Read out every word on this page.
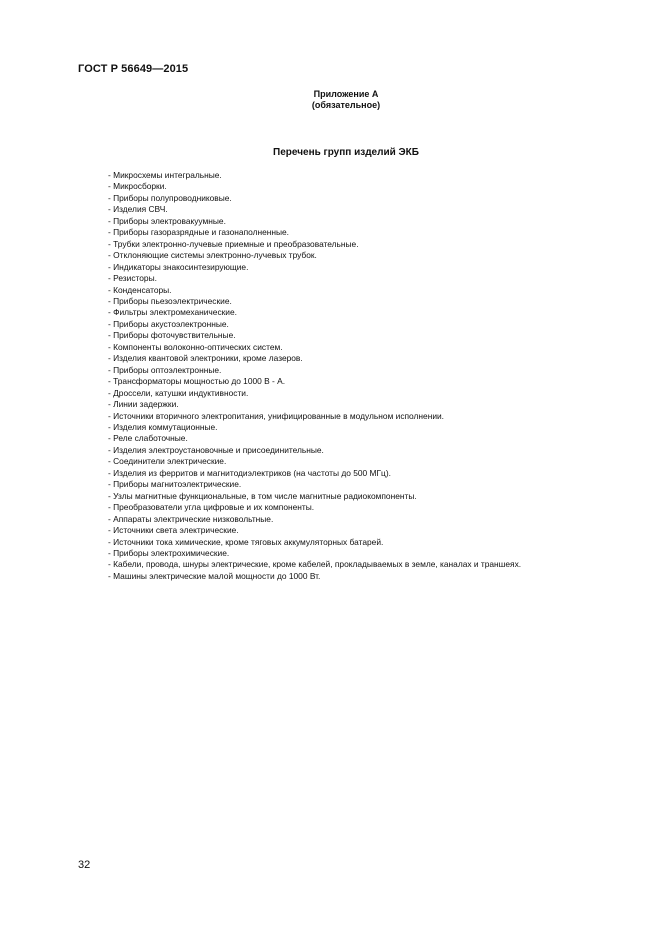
ГОСТ Р 56649—2015
Приложение А
(обязательное)
Перечень групп изделий ЭКБ
- Микросхемы интегральные.
- Микросборки.
- Приборы полупроводниковые.
- Изделия СВЧ.
- Приборы электровакуумные.
- Приборы газоразрядные и газонаполненные.
- Трубки электронно-лучевые приемные и преобразовательные.
- Отклоняющие системы электронно-лучевых трубок.
- Индикаторы знакосинтезирующие.
- Резисторы.
- Конденсаторы.
- Приборы пьезоэлектрические.
- Фильтры электромеханические.
- Приборы акустоэлектронные.
- Приборы фоточувствительные.
- Компоненты волоконно-оптических систем.
- Изделия квантовой электроники, кроме лазеров.
- Приборы оптоэлектронные.
- Трансформаторы мощностью до 1000 В - А.
- Дроссели, катушки индуктивности.
- Линии задержки.
- Источники вторичного электропитания, унифицированные в модульном исполнении.
- Изделия коммутационные.
- Реле слаботочные.
- Изделия электроустановочные и присоединительные.
- Соединители электрические.
- Изделия из ферритов и магнитодиэлектриков (на частоты до 500 МГц).
- Приборы магнитоэлектрические.
- Узлы магнитные функциональные, в том числе магнитные радиокомпоненты.
- Преобразователи угла цифровые и их компоненты.
- Аппараты электрические низковольтные.
- Источники света электрические.
- Источники тока химические, кроме тяговых аккумуляторных батарей.
- Приборы электрохимические.
- Кабели, провода, шнуры электрические, кроме кабелей, прокладываемых в земле, каналах и траншеях.
- Машины электрические малой мощности до 1000 Вт.
32
